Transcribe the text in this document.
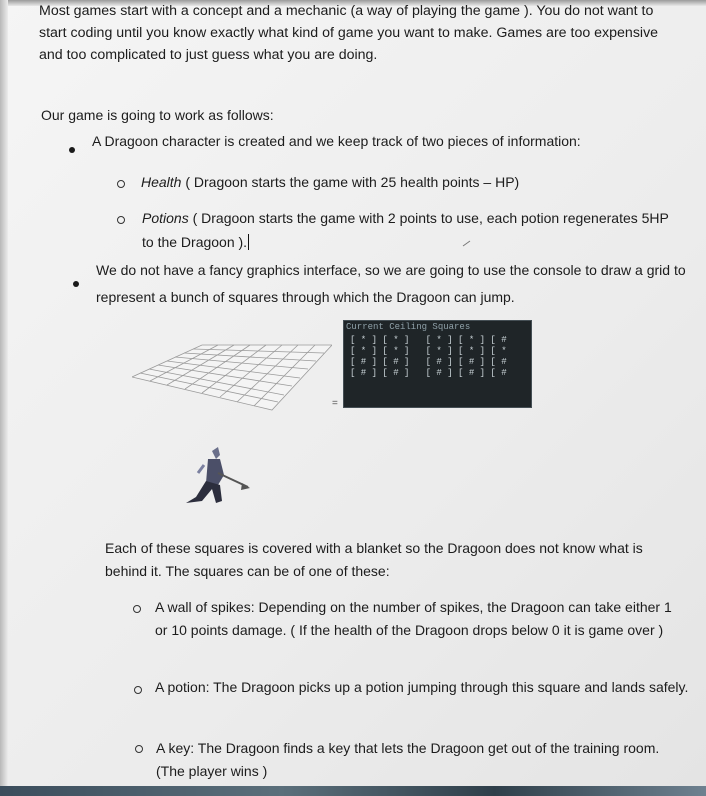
Most games start with a concept and a mechanic (a way of playing the game ). You do not want to start coding until you know exactly what kind of game you want to make. Games are too expensive and too complicated to just guess what you are doing.

Our game is going to work as follows:

A Dragoon character is created and we keep track of two pieces of information:

Health ( Dragoon starts the game with 25 health points – HP)

Potions ( Dragoon starts the game with 2 points to use, each potion regenerates 5HP to the Dragoon ).

We do not have a fancy graphics interface, so we are going to use the console to draw a grid to represent a bunch of squares through which the Dragoon can jump.

Current Ceiling Squares
[ * ] [ * ]   [ * ] [ * ] [ #
[ * ] [ * ]   [ * ] [ * ] [ *
[ # ] [ # ]   [ # ] [ # ] [ #
[ # ] [ # ]   [ # ] [ # ] [ #
=

Each of these squares is covered with a blanket so the Dragoon does not know what is behind it. The squares can be of one of these:

A wall of spikes: Depending on the number of spikes, the Dragoon can take either 1 or 10 points damage. ( If the health of the Dragoon drops below 0 it is game over )

A potion: The Dragoon picks up a potion jumping through this square and lands safely.

A key: The Dragoon finds a key that lets the Dragoon get out of the training room. (The player wins )
